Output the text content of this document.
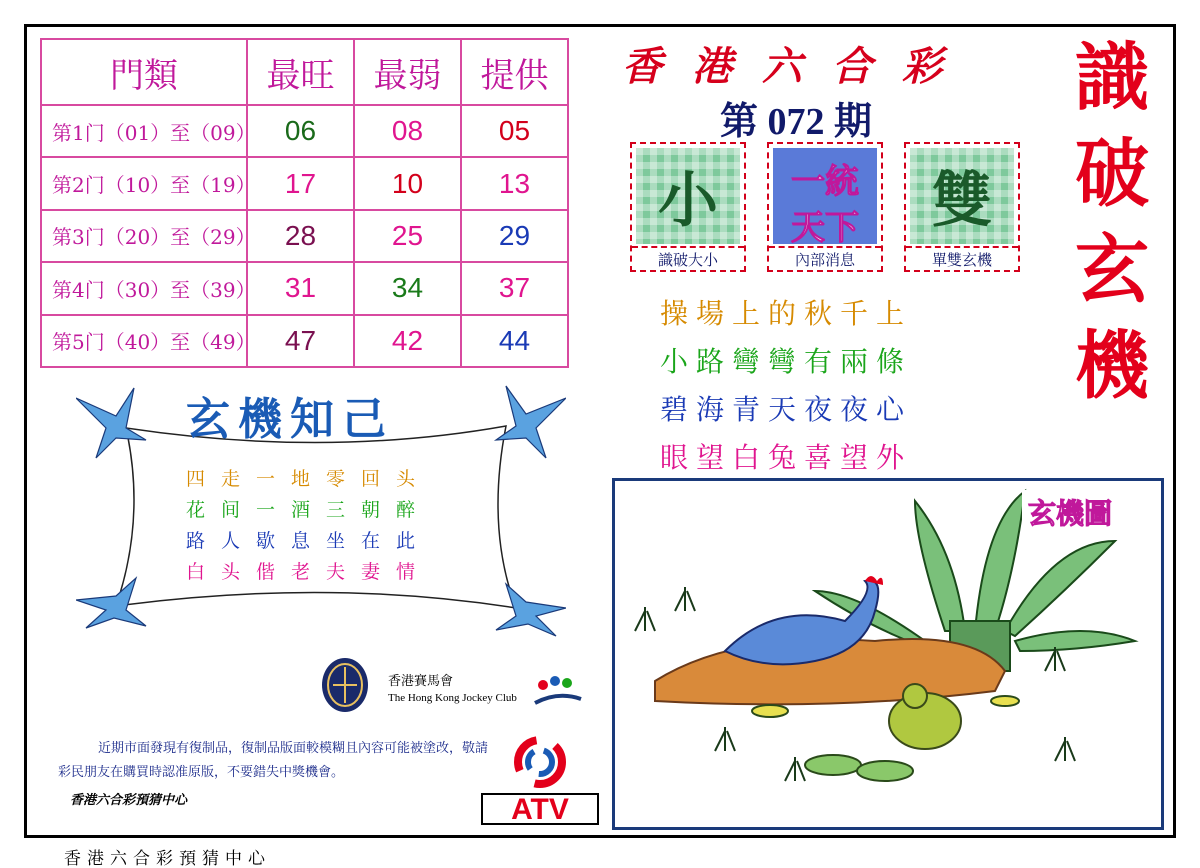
門類	最旺	最弱	提供
第1门（01）至（09）	06	08	05
第2门（10）至（19）	17	10	13
第3门（20）至（29）	28	25	29
第4门（30）至（39）	31	34	37
第5门（40）至（49）	47	42	44
玄機知己
四走一地零回头
花间一酒三朝醉
路人歇息坐在此
白头偕老夫妻情
香港賽馬會
The Hong Kong Jockey Club
近期市面發現有復制品，復制品版面較模糊且內容可能被塗改，敬請彩民朋友在購買時認准原版，不要錯失中獎機會。
香港六合彩預猜中心	ATV
香港六合彩
第 072 期
識
破
玄
機
小
識破大小
一統
天下
內部消息
雙
單雙玄機
操場上的秋千上
小路彎彎有兩條
碧海青天夜夜心
眼望白兔喜望外
玄機圖
香港六合彩預猜中心
